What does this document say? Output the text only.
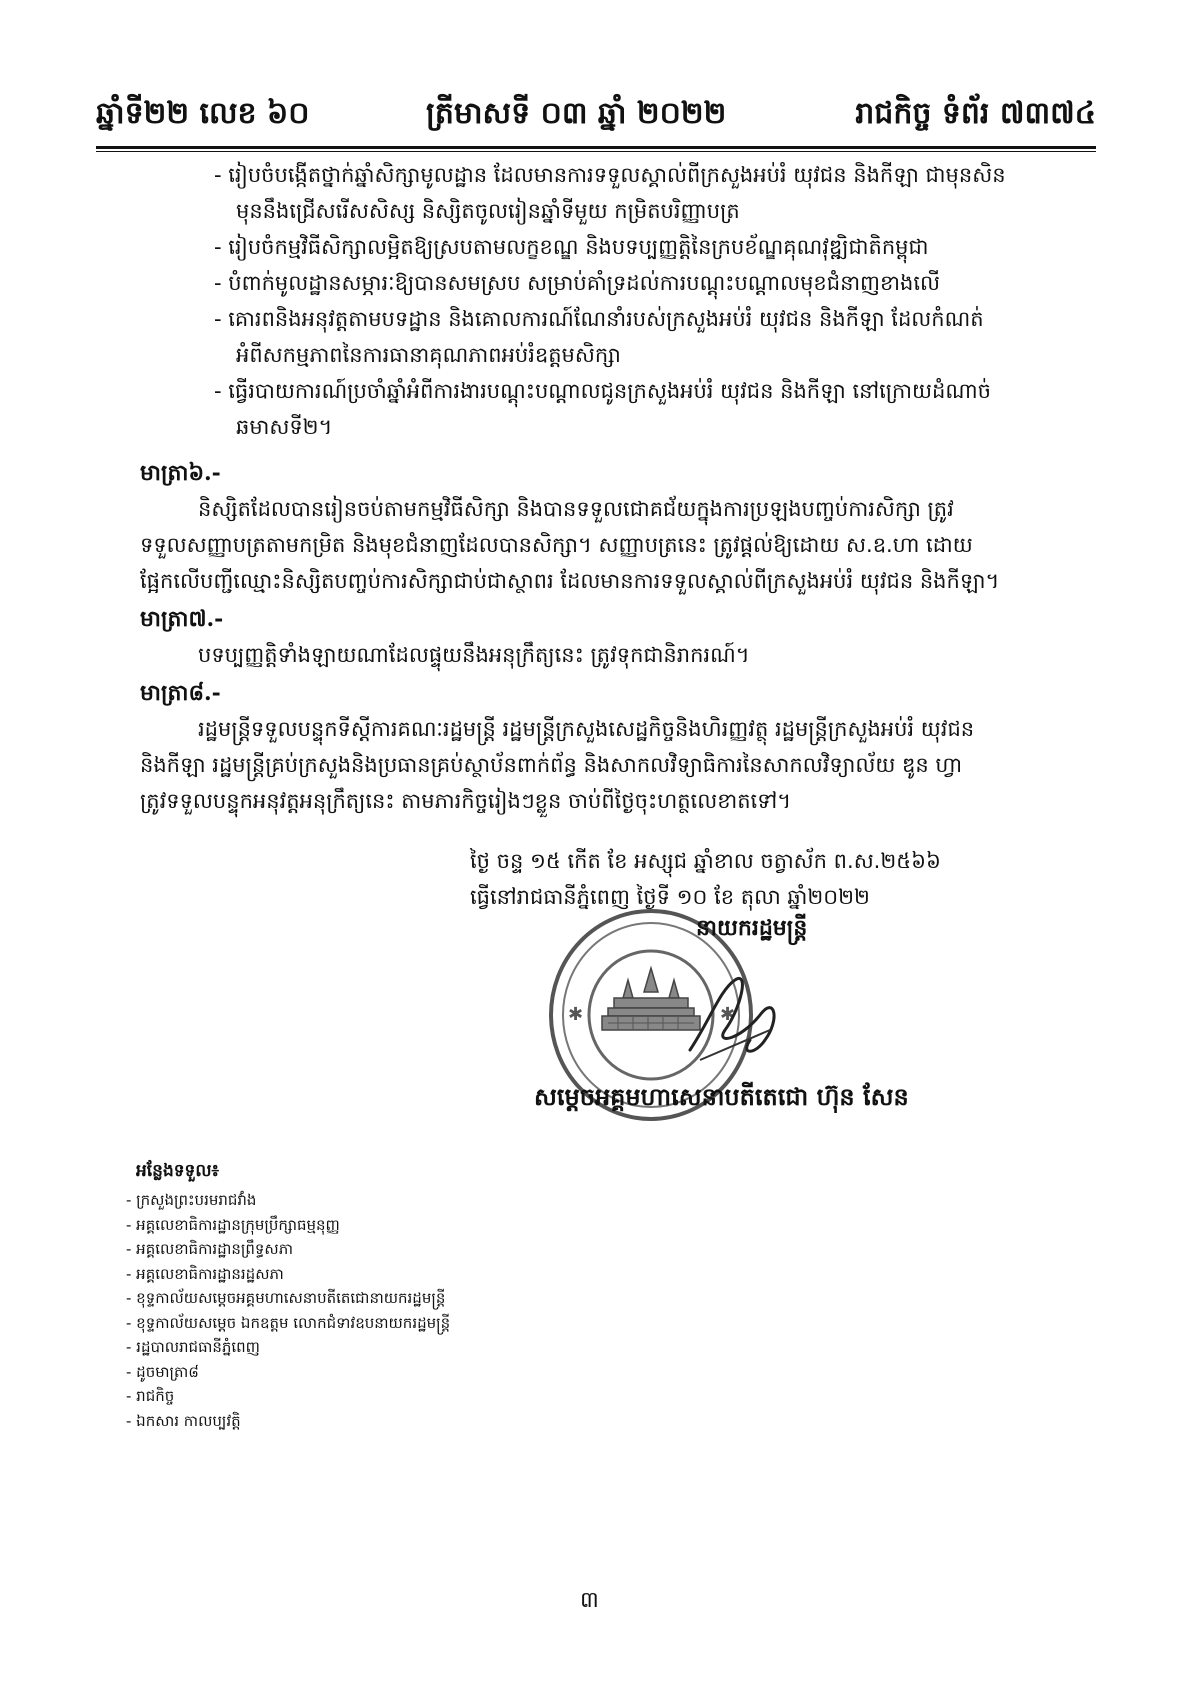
ឆ្នាំទី២២ លេខ ៦០	ត្រីមាសទី ០៣ ឆ្នាំ ២០២២	រាជកិច្ច ទំព័រ ៧៣៧៤
- រៀបចំបង្កើតថ្នាក់ឆ្នាំសិក្សាមូលដ្ឋាន ដែលមានការទទួលស្គាល់ពីក្រសួងអប់រំ យុវជន និងកីឡា ជាមុនសិន
មុននឹងជ្រើសរើសសិស្ស និស្សិតចូលរៀនឆ្នាំទីមួយ កម្រិតបរិញ្ញាបត្រ
- រៀបចំកម្មវិធីសិក្សាលម្អិតឱ្យស្របតាមលក្ខខណ្ឌ និងបទប្បញ្ញត្តិនៃក្របខ័ណ្ឌគុណវុឌ្ឍិជាតិកម្ពុជា
- បំពាក់មូលដ្ឋានសម្ភារៈឱ្យបានសមស្រប សម្រាប់គាំទ្រដល់ការបណ្តុះបណ្តាលមុខជំនាញខាងលើ
- គោរពនិងអនុវត្តតាមបទដ្ឋាន និងគោលការណ៍ណែនាំរបស់ក្រសួងអប់រំ យុវជន និងកីឡា ដែលកំណត់
អំពីសកម្មភាពនៃការធានាគុណភាពអប់រំឧត្តមសិក្សា
- ធ្វើរបាយការណ៍ប្រចាំឆ្នាំអំពីការងារបណ្តុះបណ្តាលជូនក្រសួងអប់រំ យុវជន និងកីឡា នៅក្រោយដំណាច់
ឆមាសទី២។
មាត្រា៦.-
និស្សិតដែលបានរៀនចប់តាមកម្មវិធីសិក្សា និងបានទទួលជោគជ័យក្នុងការប្រឡងបញ្ចប់ការសិក្សា ត្រូវ
ទទួលសញ្ញាបត្រតាមកម្រិត និងមុខជំនាញដែលបានសិក្សា។ សញ្ញាបត្រនេះ ត្រូវផ្តល់ឱ្យដោយ ស.ឧ.ហា ដោយ
ផ្អែកលើបញ្ជីឈ្មោះនិស្សិតបញ្ចប់ការសិក្សាជាប់ជាស្ថាពរ ដែលមានការទទួលស្គាល់ពីក្រសួងអប់រំ យុវជន និងកីឡា។
មាត្រា៧.-
បទប្បញ្ញត្តិទាំងឡាយណាដែលផ្ទុយនឹងអនុក្រឹត្យនេះ ត្រូវទុកជានិរាករណ៍។
មាត្រា៨.-
រដ្ឋមន្ត្រីទទួលបន្ទុកទីស្តីការគណៈរដ្ឋមន្ត្រី រដ្ឋមន្ត្រីក្រសួងសេដ្ឋកិច្ចនិងហិរញ្ញវត្ថុ រដ្ឋមន្ត្រីក្រសួងអប់រំ យុវជន
និងកីឡា រដ្ឋមន្ត្រីគ្រប់ក្រសួងនិងប្រធានគ្រប់ស្ថាប័នពាក់ព័ន្ធ និងសាកលវិទ្យាធិការនៃសាកលវិទ្យាល័យ ឌូន ហ្វា
ត្រូវទទួលបន្ទុកអនុវត្តអនុក្រឹត្យនេះ តាមភារកិច្ចរៀងៗខ្លួន ចាប់ពីថ្ងៃចុះហត្ថលេខាតទៅ។
ថ្ងៃ ចន្ទ ១៥ កើត ខែ អស្សុជ ឆ្នាំខាល ចត្វាស័ក ព.ស.២៥៦៦
ធ្វើនៅរាជធានីភ្នំពេញ ថ្ងៃទី ១០ ខែ តុលា ឆ្នាំ២០២២
✱	✱
នាយករដ្ឋមន្ត្រី
សម្តេចអគ្គមហាសេនាបតីតេជោ ហ៊ុន សែន
អន្លែងទទួល៖
- ក្រសួងព្រះបរមរាជវាំង
- អគ្គលេខាធិការដ្ឋានក្រុមប្រឹក្សាធម្មនុញ្ញ
- អគ្គលេខាធិការដ្ឋានព្រឹទ្ធសភា
- អគ្គលេខាធិការដ្ឋានរដ្ឋសភា
- ខុទ្ទកាល័យសម្តេចអគ្គមហាសេនាបតីតេជោនាយករដ្ឋមន្ត្រី
- ខុទ្ទកាល័យសម្តេច ឯកឧត្តម លោកជំទាវឧបនាយករដ្ឋមន្ត្រី
- រដ្ឋបាលរាជធានីភ្នំពេញ
- ដូចមាត្រា៨
- រាជកិច្ច
- ឯកសារ កាលប្បវត្តិ
៣
